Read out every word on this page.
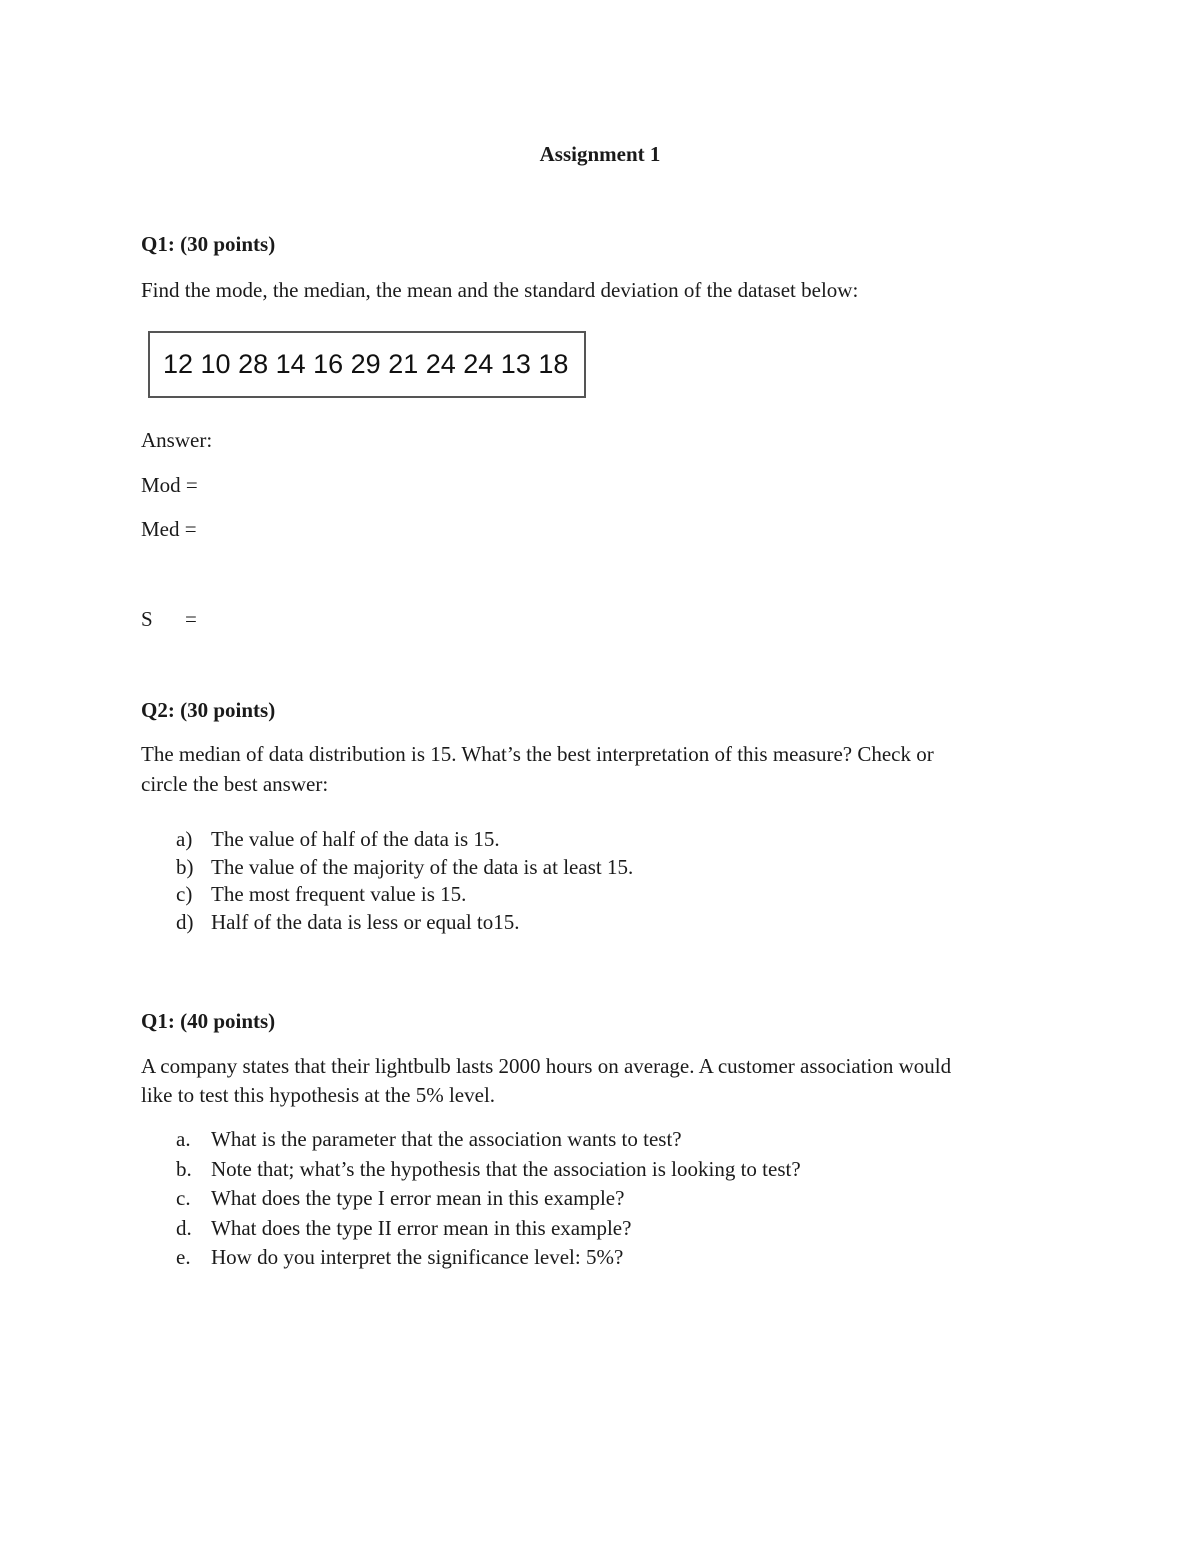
Assignment 1

Q1: (30 points)

Find the mode, the median, the mean and the standard deviation of the dataset below:

12 10 28 14 16 29 21 24 24 13 18

Answer:

Mod =

Med =

S =

Q2: (30 points)

The median of data distribution is 15. What’s the best interpretation of this measure? Check or

circle the best answer:

a) The value of half of the data is 15.
b) The value of the majority of the data is at least 15.
c) The most frequent value is 15.
d) Half of the data is less or equal to15.

Q1: (40 points)

A company states that their lightbulb lasts 2000 hours on average. A customer association would

like to test this hypothesis at the 5% level.

a. What is the parameter that the association wants to test?
b. Note that; what’s the hypothesis that the association is looking to test?
c. What does the type I error mean in this example?
d. What does the type II error mean in this example?
e. How do you interpret the significance level: 5%?
